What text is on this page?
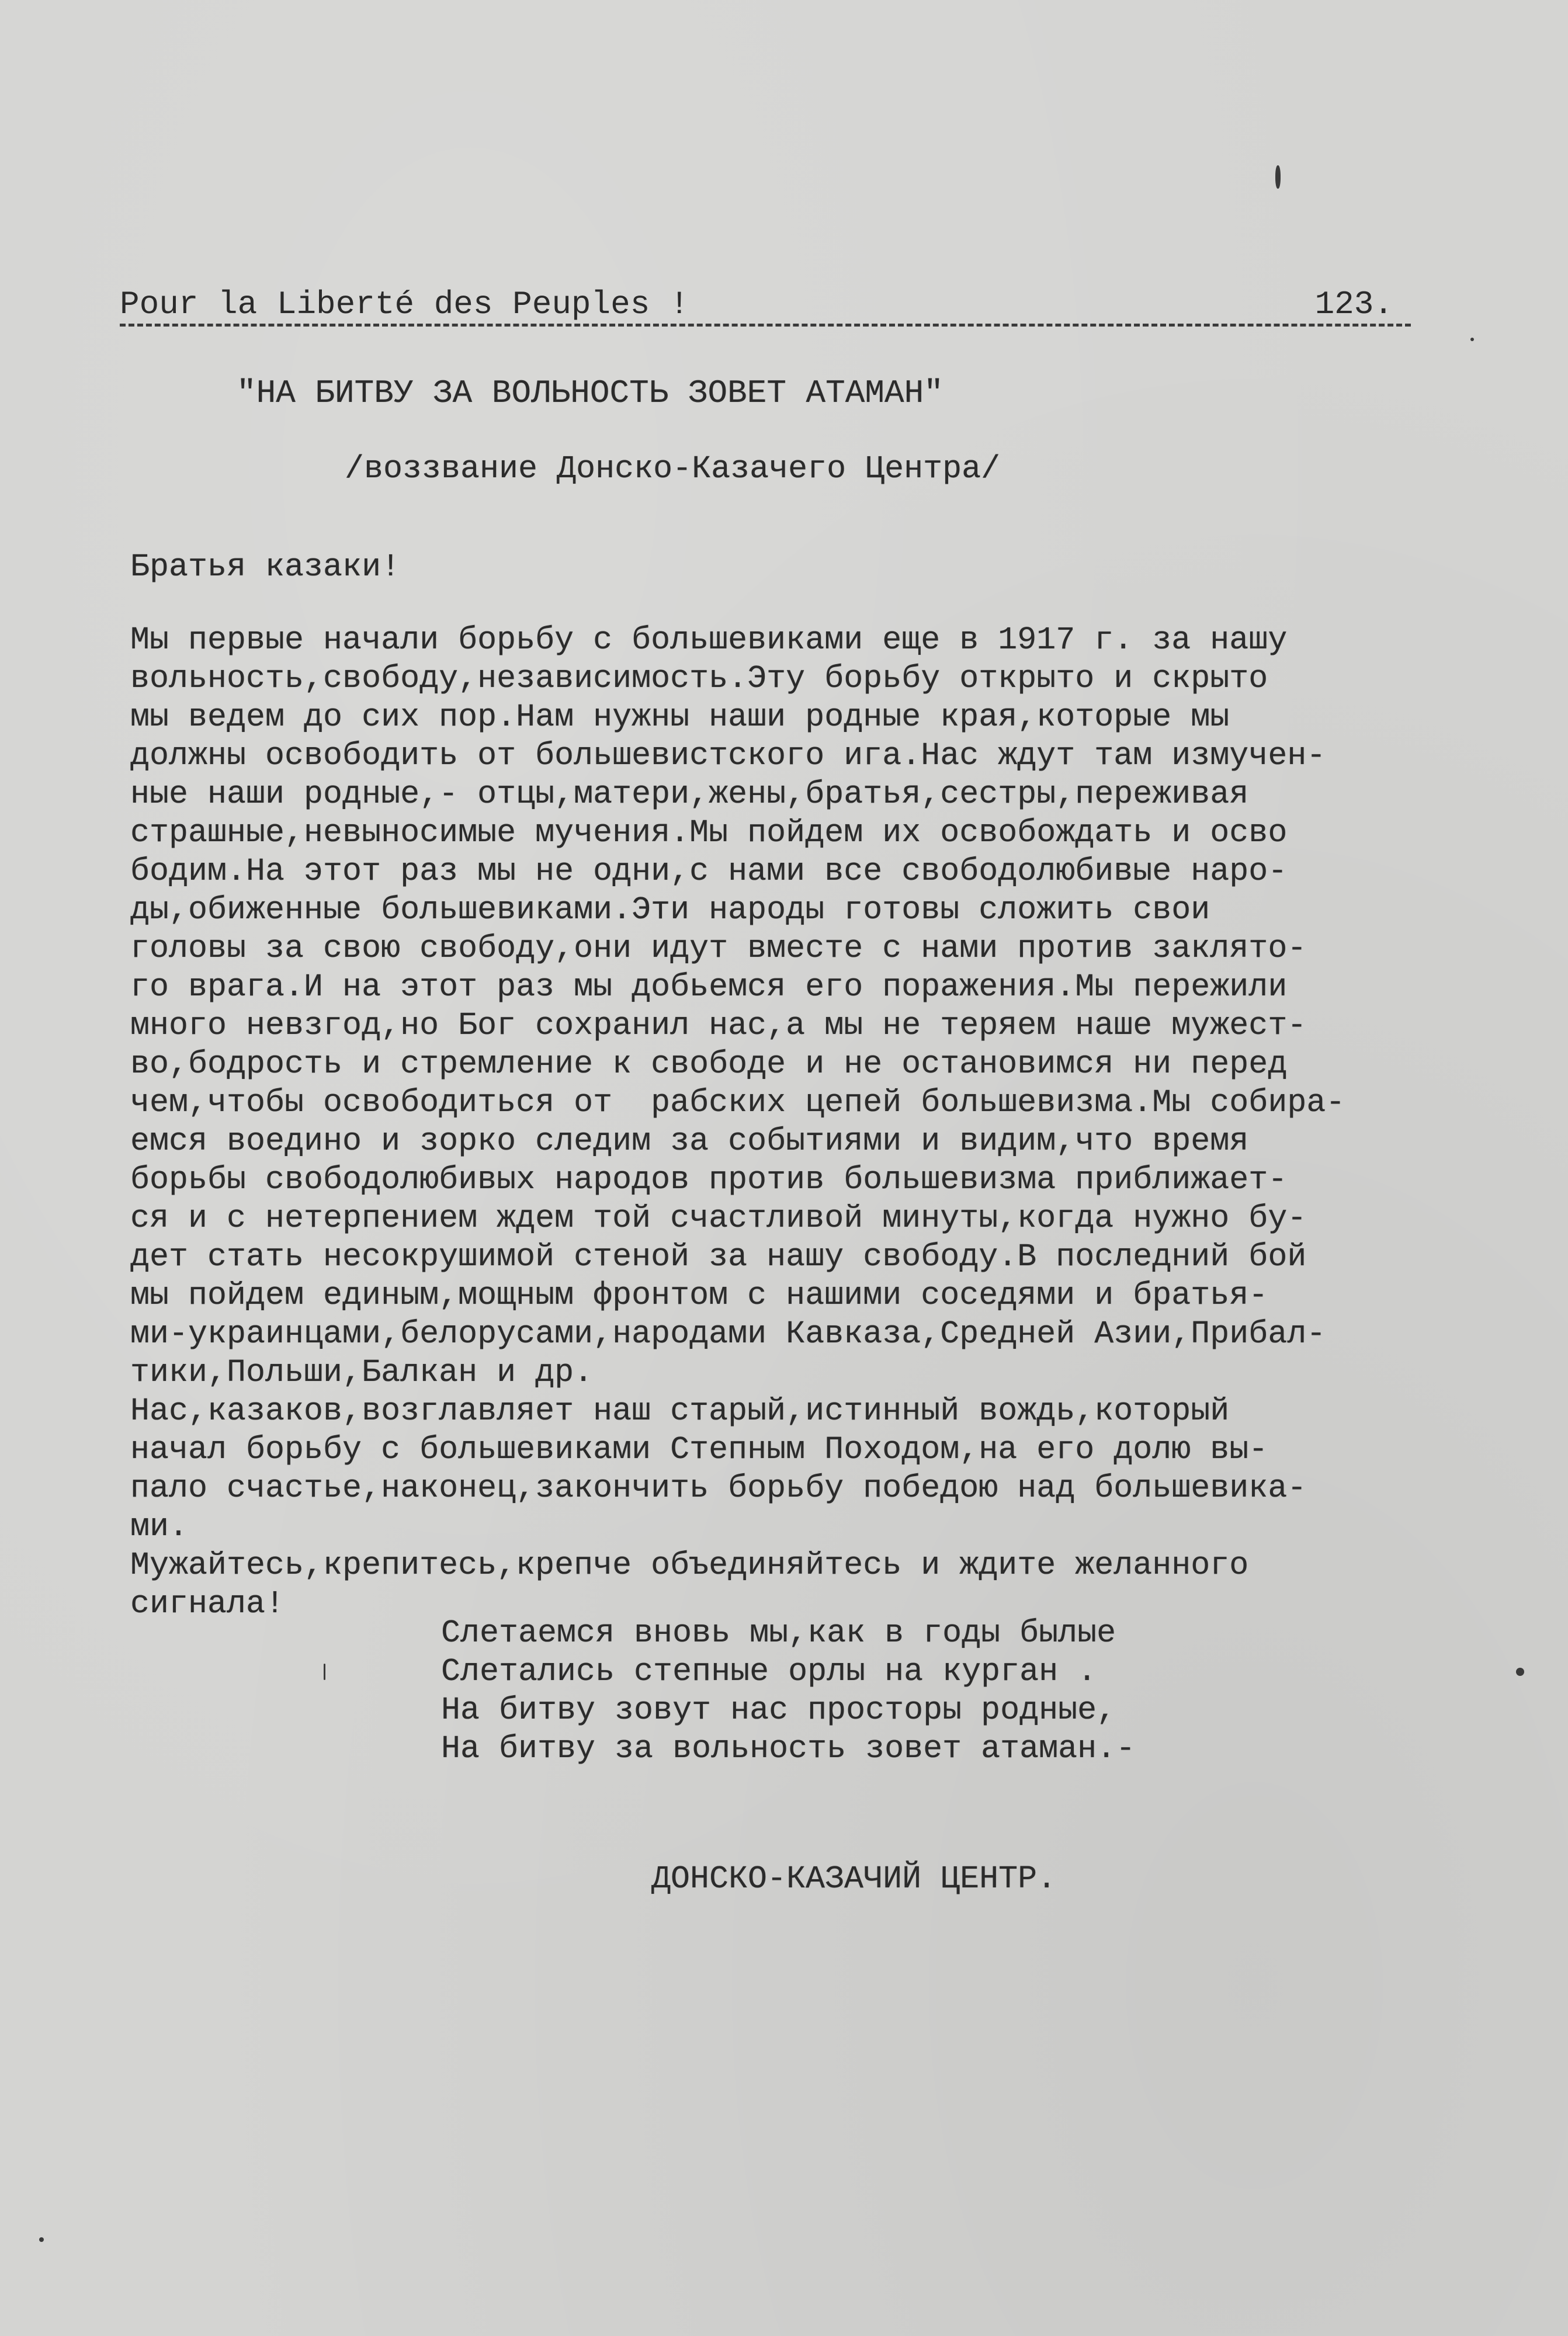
Pour la Liberté des Peuples !	123.
"НА БИТВУ ЗА ВОЛЬНОСТЬ ЗОВЕТ АТАМАН"
/воззвание Донско-Казачего Центра/
Братья казаки!
Мы первые начали борьбу с большевиками еще в 1917 г. за нашу
вольность,свободу,независимость.Эту борьбу открыто и скрыто
мы ведем до сих пор.Нам нужны наши родные края,которые мы
должны освободить от большевистского ига.Нас ждут там измучен-
ные наши родные,- отцы,матери,жены,братья,сестры,переживая
страшные,невыносимые мучения.Мы пойдем их освобождать и осво
бодим.На этот раз мы не одни,с нами все свободолюбивые наро-
ды,обиженные большевиками.Эти народы готовы сложить свои
головы за свою свободу,они идут вместе с нами против заклято-
го врага.И на этот раз мы добьемся его поражения.Мы пережили
много невзгод,но Бог сохранил нас,а мы не теряем наше мужест-
во,бодрость и стремление к свободе и не остановимся ни перед
чем,чтобы освободиться от  рабских цепей большевизма.Мы собира-
емся воедино и зорко следим за событиями и видим,что время
борьбы свободолюбивых народов против большевизма приближает-
ся и с нетерпением ждем той счастливой минуты,когда нужно бу-
дет стать несокрушимой стеной за нашу свободу.В последний бой
мы пойдем единым,мощным фронтом с нашими соседями и братья-
ми-украинцами,белорусами,народами Кавказа,Средней Азии,Прибал-
тики,Польши,Балкан и др.
Нас,казаков,возглавляет наш старый,истинный вождь,который
начал борьбу с большевиками Степным Походом,на его долю вы-
пало счастье,наконец,закончить борьбу победою над большевика-
ми.
Мужайтесь,крепитесь,крепче объединяйтесь и ждите желанного
сигнала!
Слетаемся вновь мы,как в годы былые
Слетались степные орлы на курган .
На битву зовут нас просторы родные,
На битву за вольность зовет атаман.-
ДОНСКО-КАЗАЧИЙ ЦЕНТР.
